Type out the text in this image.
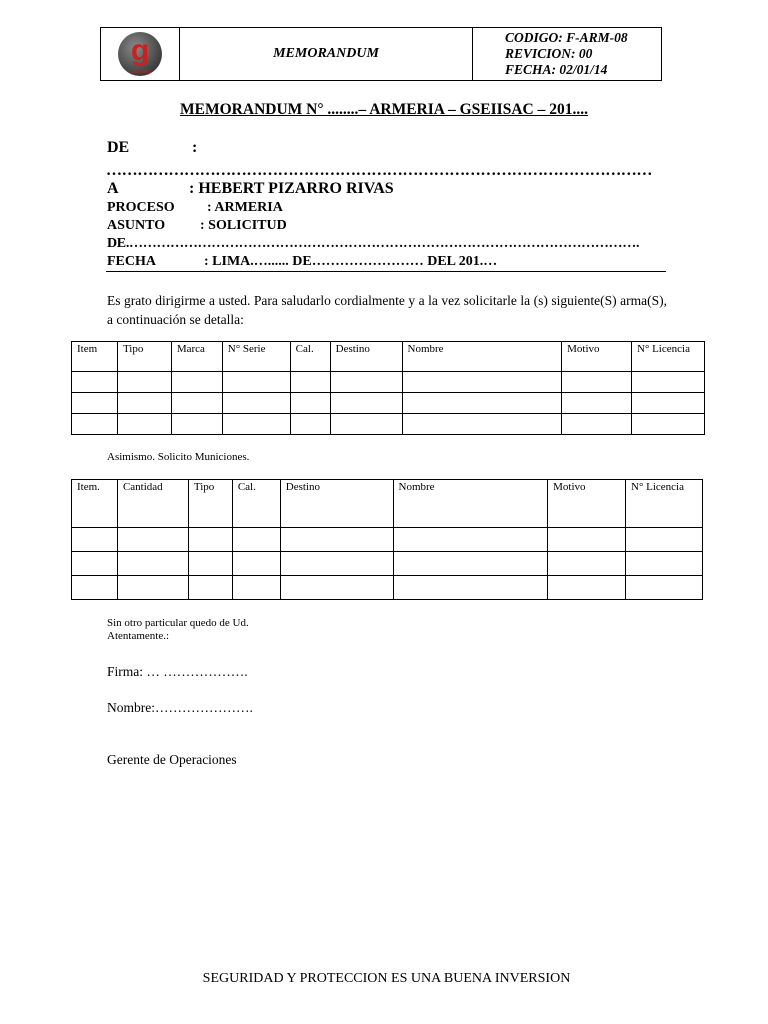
g
GSEISAC
MEMORANDUM
CODIGO: F-ARM-08
REVICION: 00
FECHA: 02/01/14
MEMORANDUM N° ........– ARMERIA – GSEIISAC – 201....
DE	:
……………………………………………………………………………………………
A	: HEBERT PIZARRO RIVAS
PROCESO : ARMERIA
ASUNTO : SOLICITUD
DE.………………………………………………………………………………………………….
FECHA	: LIMA.…...... DE…………………… DEL 201.…
Es grato dirigirme a usted. Para saludarlo cordialmente y a la vez solicitarle la (s) siguiente(S) arma(S), a continuación se detalla:
Item	Tipo	Marca	N° Serie	Cal.	Destino	Nombre	Motivo	N° Licencia

Asimismo. Solicito Municiones.
Item.	Cantidad	Tipo	Cal.	Destino	Nombre	Motivo	N° Licencia

Sin otro particular quedo de Ud.
Atentamente.:
Firma: … ……………….
Nombre:………………….
Gerente de Operaciones
SEGURIDAD Y PROTECCION ES UNA BUENA INVERSION
